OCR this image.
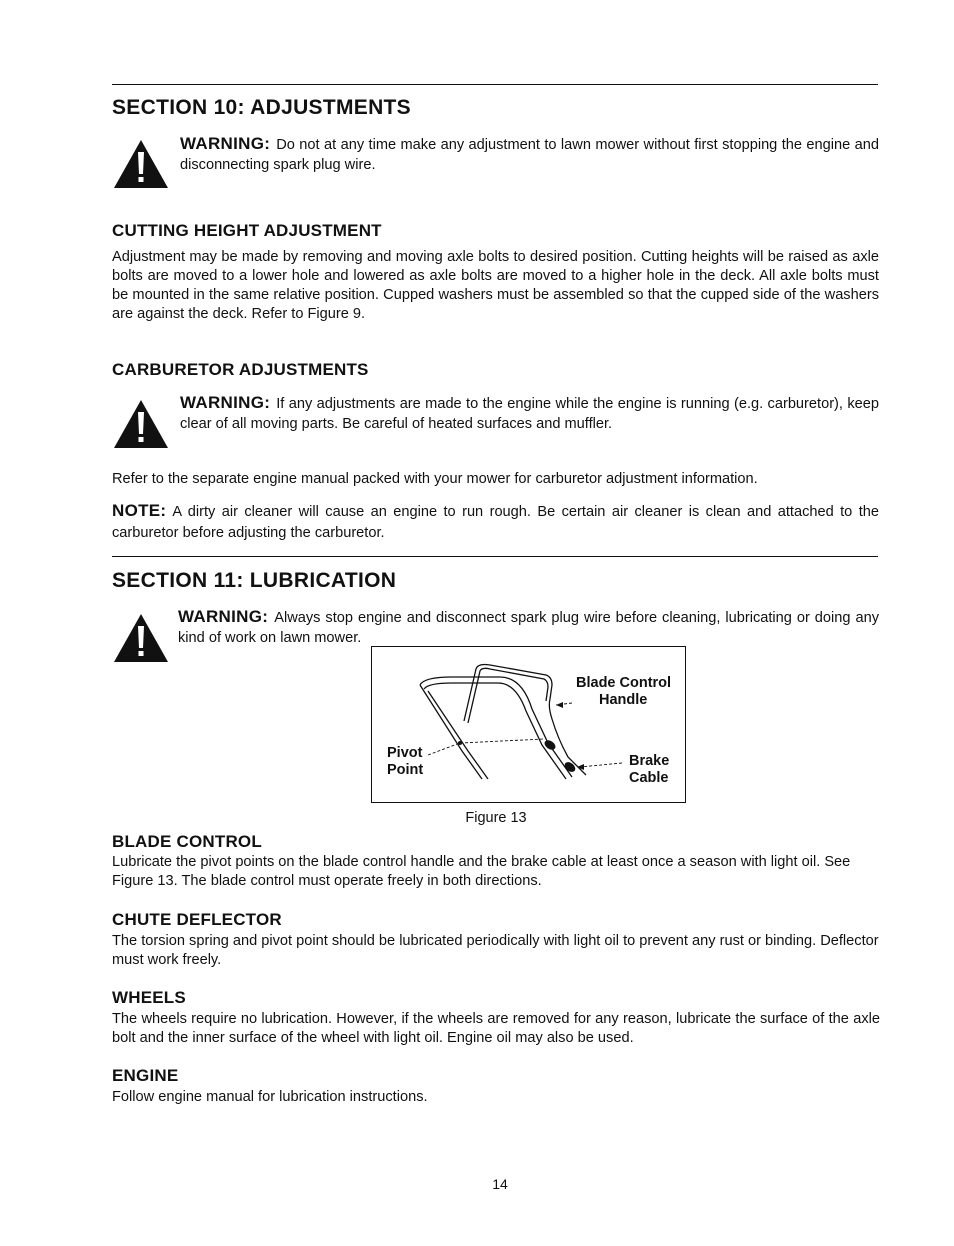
SECTION 10: ADJUSTMENTS

WARNING: Do not at any time make any adjustment to lawn mower without first stopping the engine and disconnecting spark plug wire.

CUTTING HEIGHT ADJUSTMENT

Adjustment may be made by removing and moving axle bolts to desired position. Cutting heights will be raised as axle bolts are moved to a lower hole and lowered as axle bolts are moved to a higher hole in the deck. All axle bolts must be mounted in the same relative position. Cupped washers must be assembled so that the cupped side of the washers are against the deck. Refer to Figure 9.

CARBURETOR ADJUSTMENTS

WARNING: If any adjustments are made to the engine while the engine is running (e.g. carburetor), keep clear of all moving parts. Be careful of heated surfaces and muffler.

Refer to the separate engine manual packed with your mower for carburetor adjustment information.

NOTE: A dirty air cleaner will cause an engine to run rough. Be certain air cleaner is clean and attached to the carburetor before adjusting the carburetor.

SECTION 11: LUBRICATION

WARNING: Always stop engine and disconnect spark plug wire before cleaning, lubricating or doing any kind of work on lawn mower.

Blade Control
Handle
Pivot
Point
Brake
Cable
Figure 13
BLADE CONTROL

Lubricate the pivot points on the blade control handle and the brake cable at least once a season with light oil. See Figure 13. The blade control must operate freely in both directions.

CHUTE DEFLECTOR

The torsion spring and pivot point should be lubricated periodically with light oil to prevent any rust or binding. Deflector must work freely.

WHEELS

The wheels require no lubrication. However, if the wheels are removed for any reason, lubricate the surface of the axle bolt and the inner surface of the wheel with light oil. Engine oil may also be used.

ENGINE

Follow engine manual for lubrication instructions.

14
